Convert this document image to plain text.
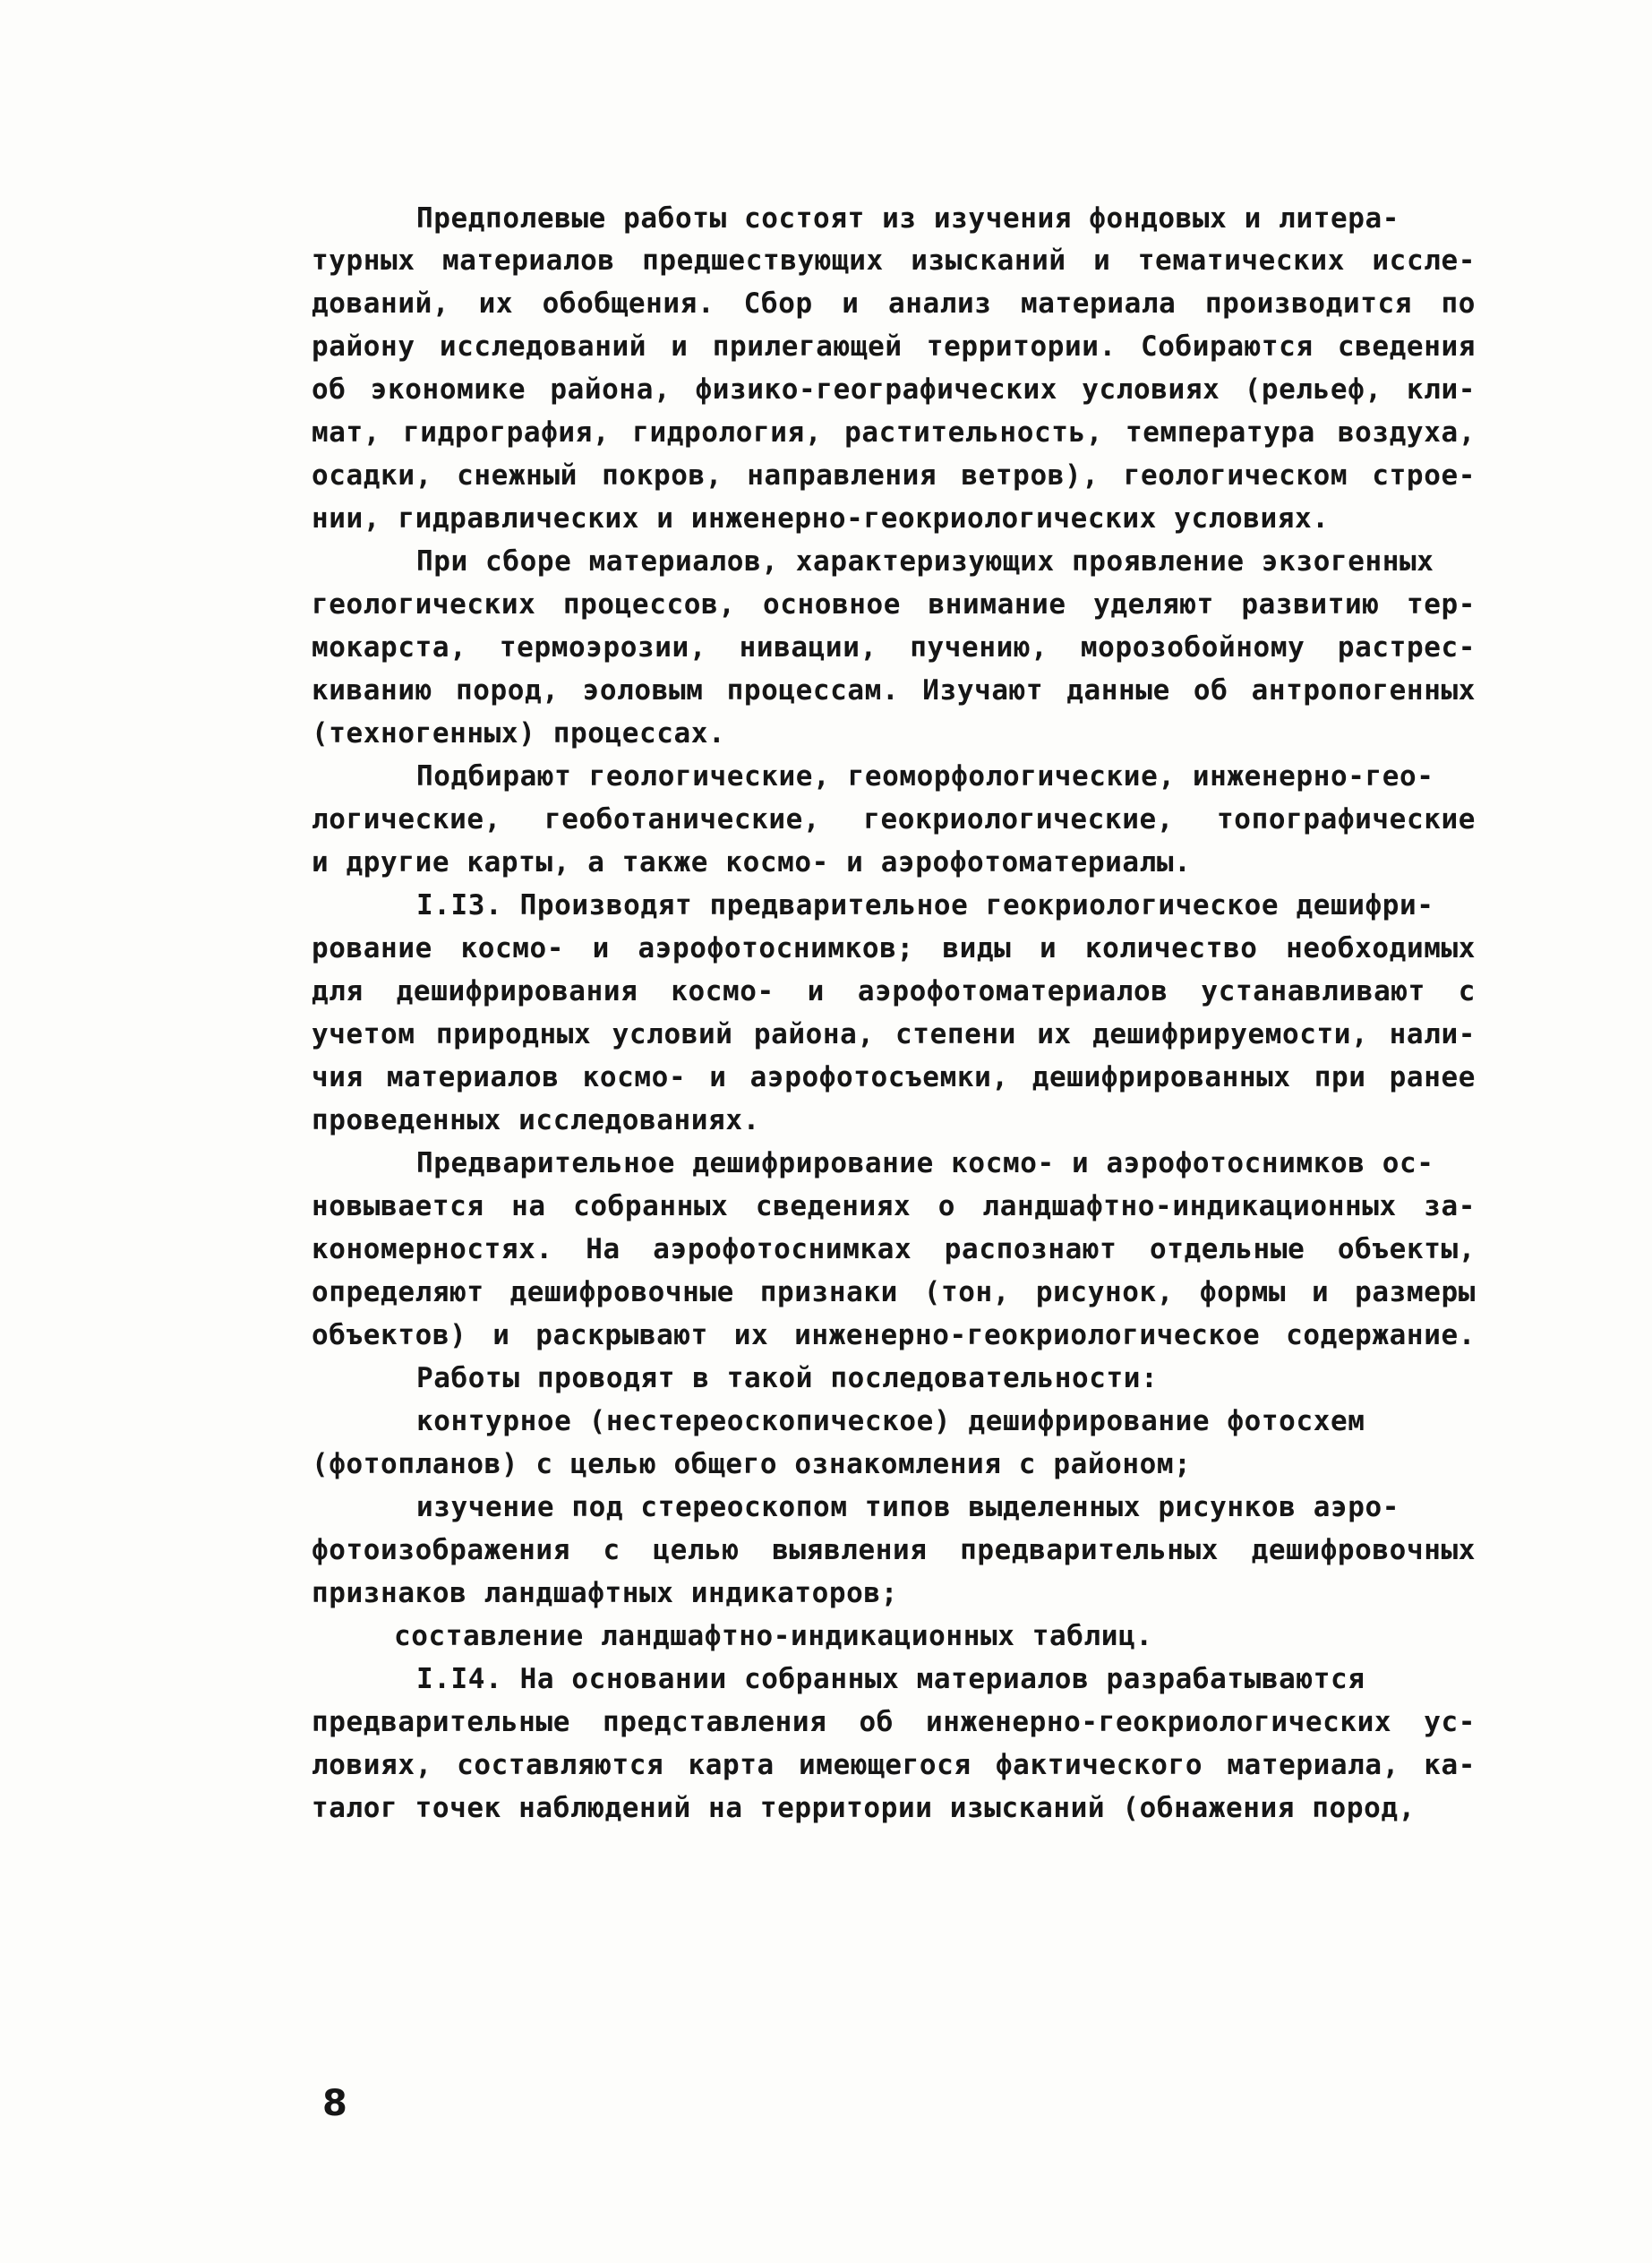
Предполевые работы состоят из изучения фондовых и литера-
турных материалов предшествующих изысканий и тематических иссле-
дований, их обобщения. Сбор и анализ материала производится по
району исследований и прилегающей территории. Собираются сведения
об экономике района, физико-географических условиях (рельеф, кли-
мат, гидрография, гидрология, растительность, температура воздуха,
осадки, снежный покров, направления ветров), геологическом строе-
нии, гидравлических и инженерно-геокриологических условиях.
При сборе материалов, характеризующих проявление экзогенных
геологических процессов, основное внимание уделяют развитию тер-
мокарста, термоэрозии, нивации, пучению, морозобойному растрес-
киванию пород, эоловым процессам. Изучают данные об антропогенных
(техногенных) процессах.
Подбирают геологические, геоморфологические, инженерно-гео-
логические, геоботанические, геокриологические, топографические
и другие карты, а также космо- и аэрофотоматериалы.
I.I3. Производят предварительное геокриологическое дешифри-
рование космо- и аэрофотоснимков; виды и количество необходимых
для дешифрирования космо- и аэрофотоматериалов устанавливают с
учетом природных условий района, степени их дешифрируемости, нали-
чия материалов космо- и аэрофотосъемки, дешифрированных при ранее
проведенных исследованиях.
Предварительное дешифрирование космо- и аэрофотоснимков ос-
новывается на собранных сведениях о ландшафтно-индикационных за-
кономерностях. На аэрофотоснимках распознают отдельные объекты,
определяют дешифровочные признаки (тон, рисунок, формы и размеры
объектов) и раскрывают их инженерно-геокриологическое содержание.
Работы проводят в такой последовательности:
контурное (нестереоскопическое) дешифрирование фотосхем
(фотопланов) с целью общего ознакомления с районом;
изучение под стереоскопом типов выделенных рисунков аэро-
фотоизображения с целью выявления предварительных дешифровочных
признаков ландшафтных индикаторов;
составление ландшафтно-индикационных таблиц.
I.I4. На основании собранных материалов разрабатываются
предварительные представления об инженерно-геокриологических ус-
ловиях, составляются карта имеющегося фактического материала, ка-
талог точек наблюдений на территории изысканий (обнажения пород,
8
